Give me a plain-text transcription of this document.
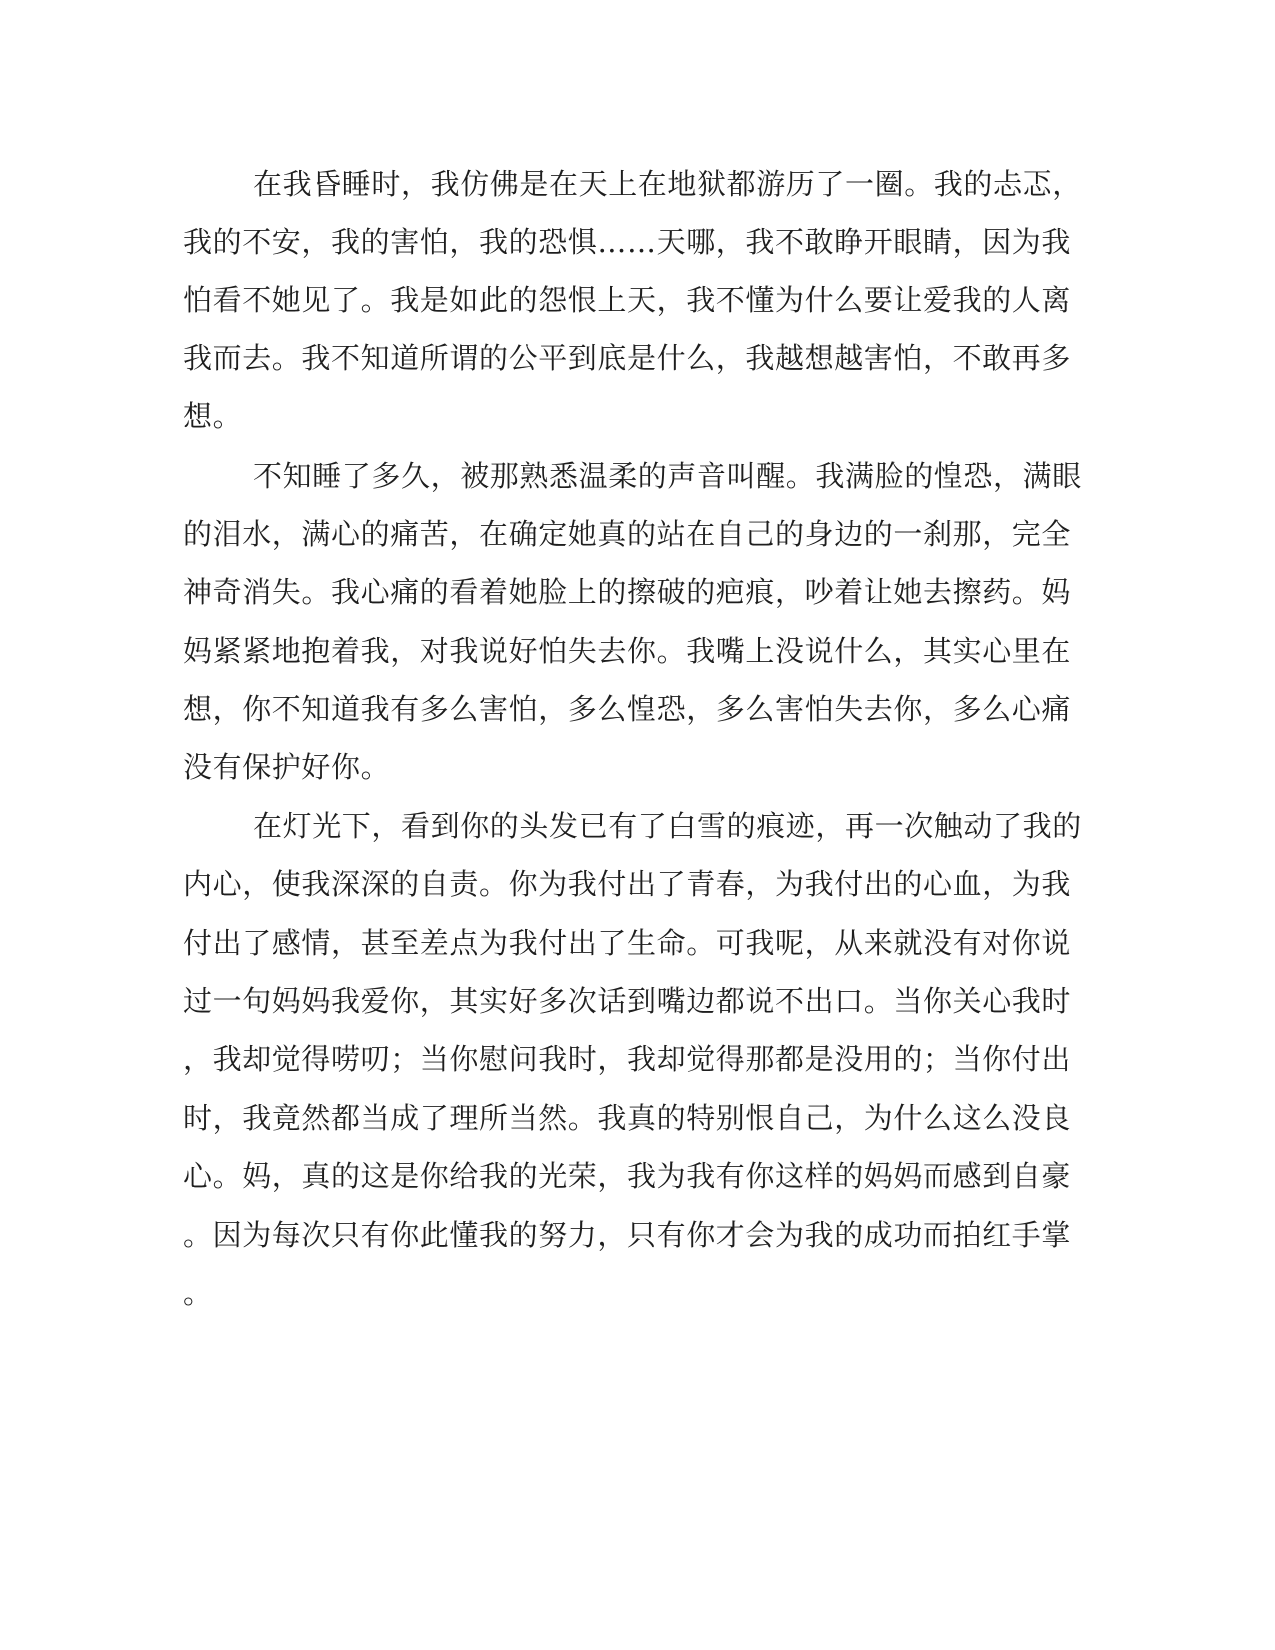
在我昏睡时，我仿佛是在天上在地狱都游历了一圈。我的忐忑，
我的不安，我的害怕，我的恐惧……天哪，我不敢睁开眼睛，因为我
怕看不她见了。我是如此的怨恨上天，我不懂为什么要让爱我的人离
我而去。我不知道所谓的公平到底是什么，我越想越害怕，不敢再多
想。
不知睡了多久，被那熟悉温柔的声音叫醒。我满脸的惶恐，满眼
的泪水，满心的痛苦，在确定她真的站在自己的身边的一刹那，完全
神奇消失。我心痛的看着她脸上的擦破的疤痕，吵着让她去擦药。妈
妈紧紧地抱着我，对我说好怕失去你。我嘴上没说什么，其实心里在
想，你不知道我有多么害怕，多么惶恐，多么害怕失去你，多么心痛
没有保护好你。
在灯光下，看到你的头发已有了白雪的痕迹，再一次触动了我的
内心，使我深深的自责。你为我付出了青春，为我付出的心血，为我
付出了感情，甚至差点为我付出了生命。可我呢，从来就没有对你说
过一句妈妈我爱你，其实好多次话到嘴边都说不出口。当你关心我时
，我却觉得唠叨；当你慰问我时，我却觉得那都是没用的；当你付出
时，我竟然都当成了理所当然。我真的特别恨自己，为什么这么没良
心。妈，真的这是你给我的光荣，我为我有你这样的妈妈而感到自豪
。因为每次只有你此懂我的努力，只有你才会为我的成功而拍红手掌
。
